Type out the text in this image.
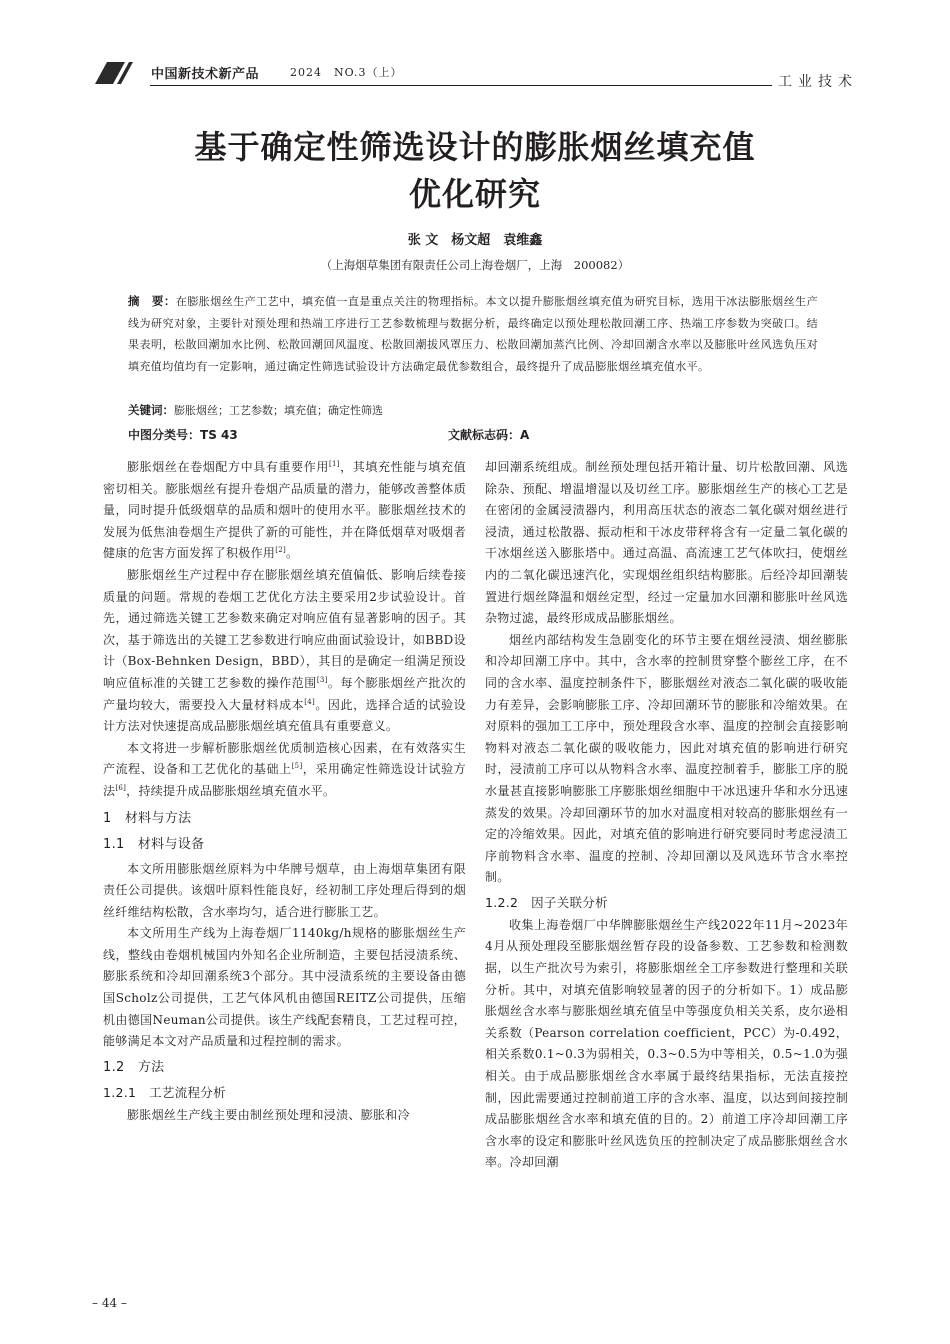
中国新技术新产品	2024　NO.3（上）
工业技术
基于确定性筛选设计的膨胀烟丝填充值
优化研究
张 文　杨文超　袁维鑫
（上海烟草集团有限责任公司上海卷烟厂，上海　200082）
摘　要：在膨胀烟丝生产工艺中，填充值一直是重点关注的物理指标。本文以提升膨胀烟丝填充值为研究目标，选用干冰法膨胀烟丝生产线为研究对象，主要针对预处理和热端工序进行工艺参数梳理与数据分析，最终确定以预处理松散回潮工序、热端工序参数为突破口。结果表明，松散回潮加水比例、松散回潮回风温度、松散回潮拔风罩压力、松散回潮加蒸汽比例、冷却回潮含水率以及膨胀叶丝风选负压对填充值均值均有一定影响，通过确定性筛选试验设计方法确定最优参数组合，最终提升了成品膨胀烟丝填充值水平。
关键词：膨胀烟丝；工艺参数；填充值；确定性筛选
中图分类号：TS 43	文献标志码：A

膨胀烟丝在卷烟配方中具有重要作用[1]，其填充性能与填充值密切相关。膨胀烟丝有提升卷烟产品质量的潜力，能够改善整体质量，同时提升低级烟草的品质和烟叶的使用水平。膨胀烟丝技术的发展为低焦油卷烟生产提供了新的可能性，并在降低烟草对吸烟者健康的危害方面发挥了积极作用[2]。

膨胀烟丝生产过程中存在膨胀烟丝填充值偏低、影响后续卷接质量的问题。常规的卷烟工艺优化方法主要采用2步试验设计。首先，通过筛选关键工艺参数来确定对响应值有显著影响的因子。其次，基于筛选出的关键工艺参数进行响应曲面试验设计，如BBD设计（Box-Behnken Design，BBD），其目的是确定一组满足预设响应值标准的关键工艺参数的操作范围[3]。每个膨胀烟丝产批次的产量均较大，需要投入大量材料成本[4]。因此，选择合适的试验设计方法对快速提高成品膨胀烟丝填充值具有重要意义。

本文将进一步解析膨胀烟丝优质制造核心因素，在有效落实生产流程、设备和工艺优化的基础上[5]，采用确定性筛选设计试验方法[6]，持续提升成品膨胀烟丝填充值水平。

1　材料与方法

1.1　材料与设备

本文所用膨胀烟丝原料为中华牌号烟草，由上海烟草集团有限责任公司提供。该烟叶原料性能良好，经初制工序处理后得到的烟丝纤维结构松散，含水率均匀，适合进行膨胀工艺。

本文所用生产线为上海卷烟厂1140kg/h规格的膨胀烟丝生产线，整线由卷烟机械国内外知名企业所制造，主要包括浸渍系统、膨胀系统和冷却回潮系统3个部分。其中浸渍系统的主要设备由德国Scholz公司提供，工艺气体风机由德国REITZ公司提供，压缩机由德国Neuman公司提供。该生产线配套精良，工艺过程可控，能够满足本文对产品质量和过程控制的需求。

1.2　方法

1.2.1　工艺流程分析

膨胀烟丝生产线主要由制丝预处理和浸渍、膨胀和冷

却回潮系统组成。制丝预处理包括开箱计量、切片松散回潮、风选除杂、预配、增温增湿以及切丝工序。膨胀烟丝生产的核心工艺是在密闭的金属浸渍器内，利用高压状态的液态二氧化碳对烟丝进行浸渍，通过松散器、振动柜和干冰皮带秤将含有一定量二氧化碳的干冰烟丝送入膨胀塔中。通过高温、高流速工艺气体吹扫，使烟丝内的二氧化碳迅速汽化，实现烟丝组织结构膨胀。后经冷却回潮装置进行烟丝降温和烟丝定型，经过一定量加水回潮和膨胀叶丝风选杂物过滤，最终形成成品膨胀烟丝。

烟丝内部结构发生急剧变化的环节主要在烟丝浸渍、烟丝膨胀和冷却回潮工序中。其中，含水率的控制贯穿整个膨丝工序，在不同的含水率、温度控制条件下，膨胀烟丝对液态二氧化碳的吸收能力有差异，会影响膨胀工序、冷却回潮环节的膨胀和冷缩效果。在对原料的强加工工序中，预处理段含水率、温度的控制会直接影响物料对液态二氧化碳的吸收能力，因此对填充值的影响进行研究时，浸渍前工序可以从物料含水率、温度控制着手，膨胀工序的脱水量甚直接影响膨胀工序膨胀烟丝细胞中干冰迅速升华和水分迅速蒸发的效果。冷却回潮环节的加水对温度相对较高的膨胀烟丝有一定的冷缩效果。因此，对填充值的影响进行研究要同时考虑浸渍工序前物料含水率、温度的控制、冷却回潮以及风选环节含水率控制。

1.2.2　因子关联分析

收集上海卷烟厂中华牌膨胀烟丝生产线2022年11月~2023年4月从预处理段至膨胀烟丝暂存段的设备参数、工艺参数和检测数据，以生产批次号为索引，将膨胀烟丝全工序参数进行整理和关联分析。其中，对填充值影响较显著的因子的分析如下。1）成品膨胀烟丝含水率与膨胀烟丝填充值呈中等强度负相关关系，皮尔逊相关系数（Pearson correlation coefficient，PCC）为-0.492，相关系数0.1~0.3为弱相关，0.3~0.5为中等相关，0.5~1.0为强相关。由于成品膨胀烟丝含水率属于最终结果指标，无法直接控制，因此需要通过控制前道工序的含水率、温度，以达到间接控制成品膨胀烟丝含水率和填充值的目的。2）前道工序冷却回潮工序含水率的设定和膨胀叶丝风选负压的控制决定了成品膨胀烟丝含水率。冷却回潮

– 44 –
